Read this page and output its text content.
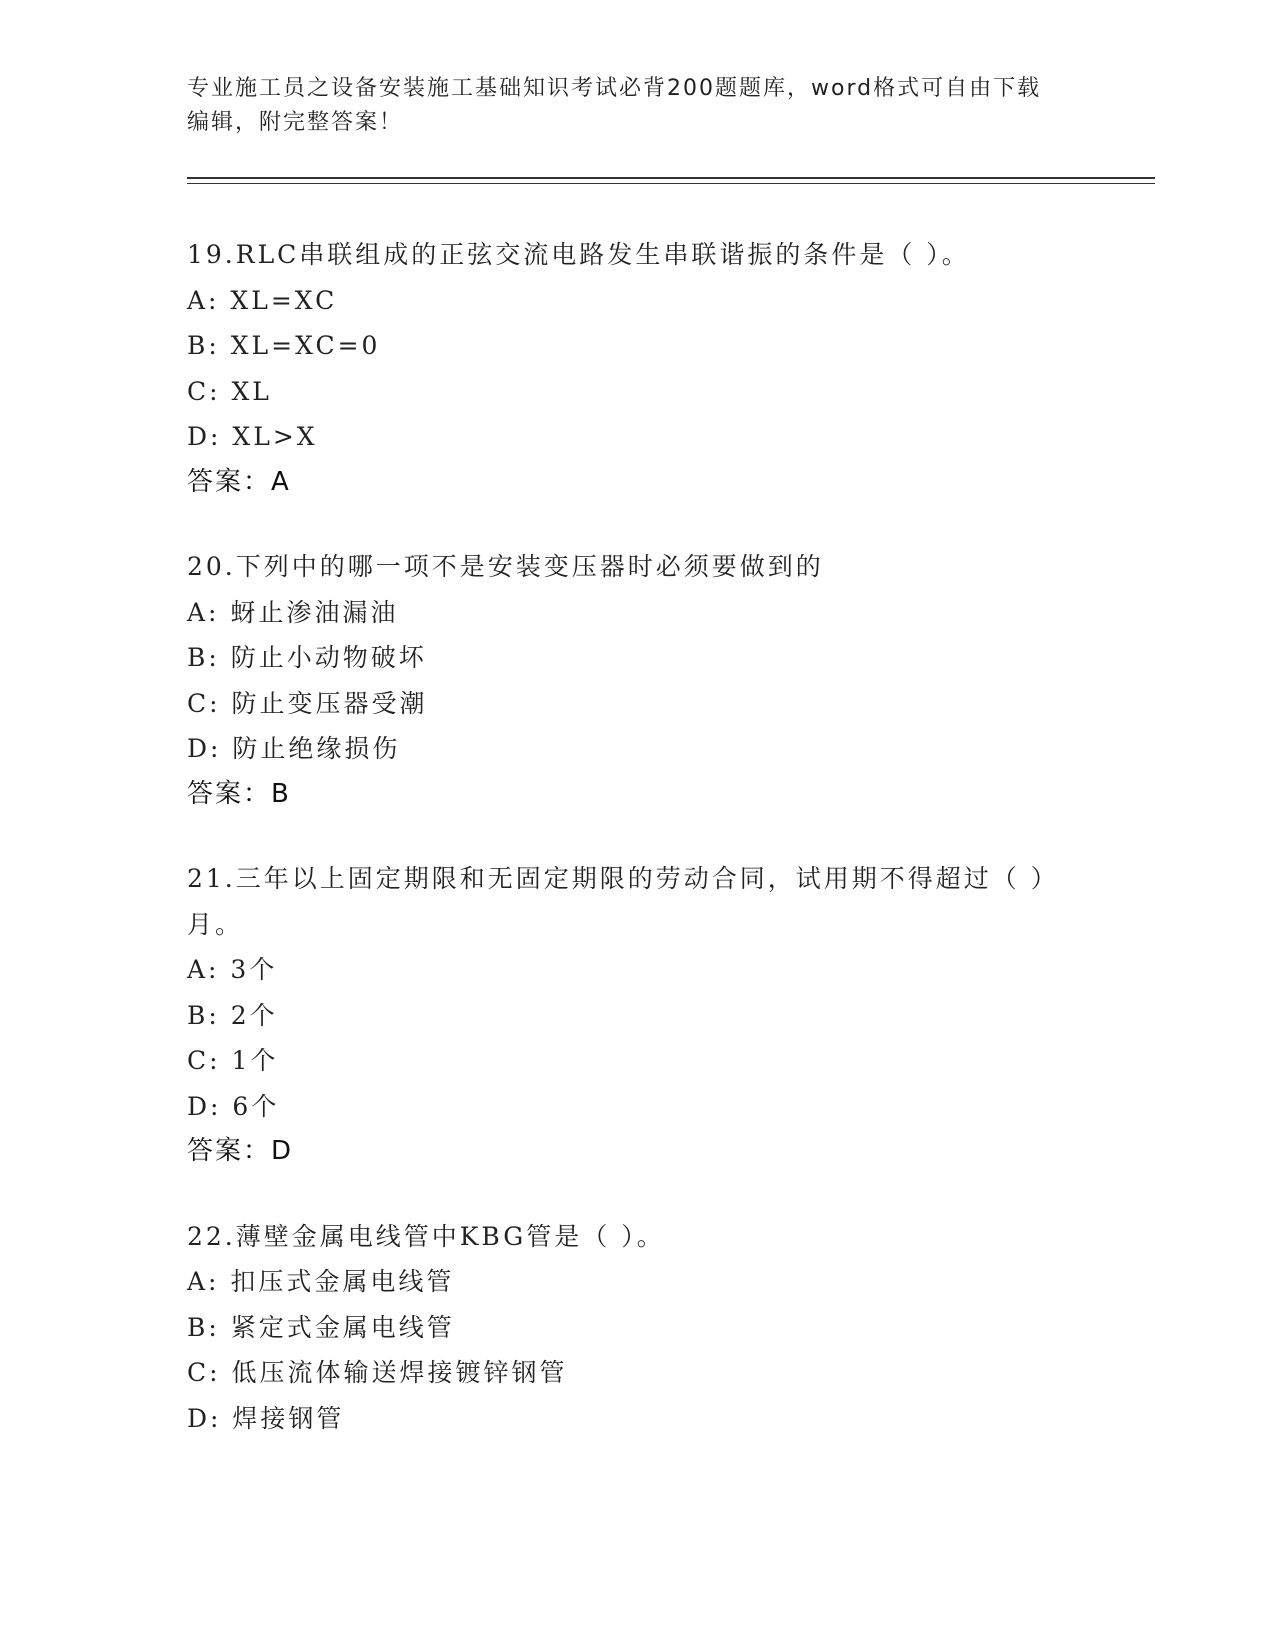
专业施工员之设备安装施工基础知识考试必背200题题库，word格式可自由下载
编辑，附完整答案！
19.RLC串联组成的正弦交流电路发生串联谐振的条件是（ ）。
A: XL=XC
B: XL=XC=0
C: XL
D: XL>X
答案：A
20.下列中的哪一项不是安装变压器时必须要做到的
A: 蚜止渗油漏油
B: 防止小动物破坏
C: 防止变压器受潮
D: 防止绝缘损伤
答案：B
21.三年以上固定期限和无固定期限的劳动合同，试用期不得超过（ ）月。
A: 3个
B: 2个
C: 1个
D: 6个
答案：D
22.薄壁金属电线管中KBG管是（ ）。
A: 扣压式金属电线管
B: 紧定式金属电线管
C: 低压流体输送焊接镀锌钢管
D: 焊接钢管
